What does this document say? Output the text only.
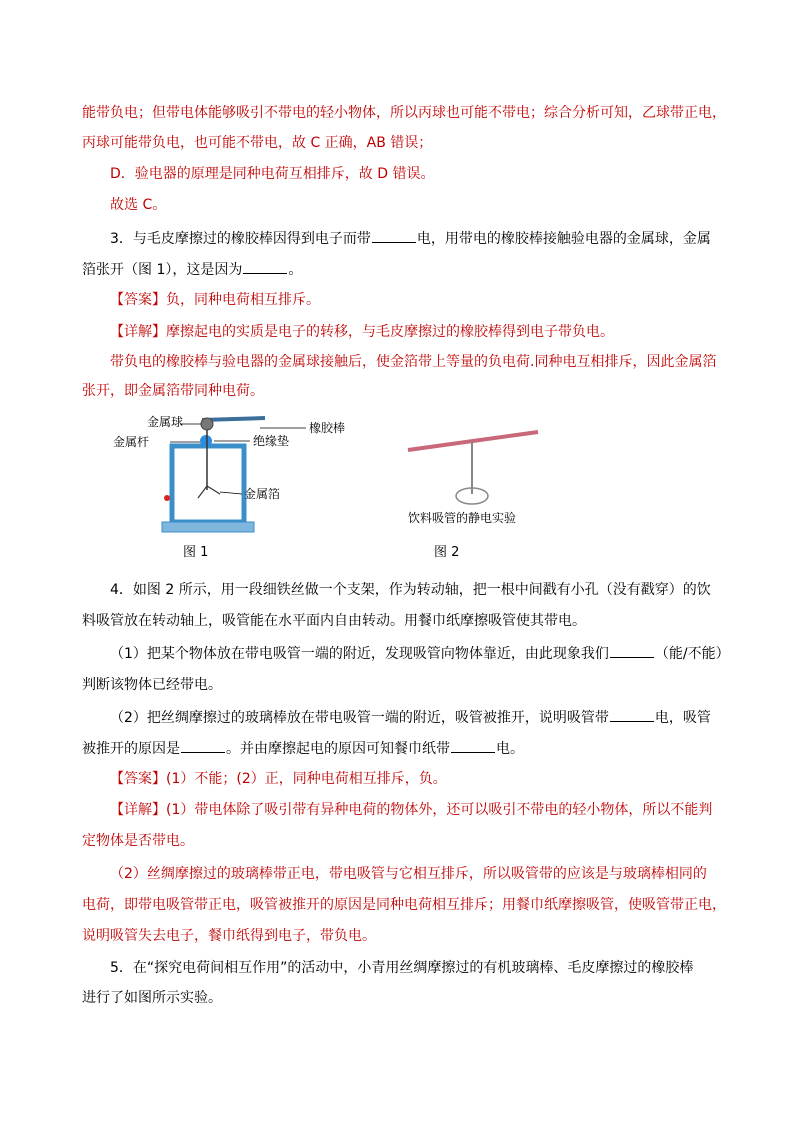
能带负电；但带电体能够吸引不带电的轻小物体，所以丙球也可能不带电；综合分析可知，乙球带正电，
丙球可能带负电，也可能不带电，故 C 正确，AB 错误；
D．验电器的原理是同种电荷互相排斥，故 D 错误。
故选 C。
3．与毛皮摩擦过的橡胶棒因得到电子而带	电，用带电的橡胶棒接触验电器的金属球，金属
箔张开（图 1），这是因为	。
【答案】负，同种电荷相互排斥。
【详解】摩擦起电的实质是电子的转移，与毛皮摩擦过的橡胶棒得到电子带负电。
带负电的橡胶棒与验电器的金属球接触后，使金箔带上等量的负电荷.同种电互相排斥，因此金属箔
张开，即金属箔带同种电荷。
金属球
金属杆
橡胶棒
绝缘垫
金属箔
图 1
饮料吸管的静电实验
图 2
4．如图 2 所示，用一段细铁丝做一个支架，作为转动轴，把一根中间戳有小孔（没有戳穿）的饮
料吸管放在转动轴上，吸管能在水平面内自由转动。用餐巾纸摩擦吸管使其带电。
（1）把某个物体放在带电吸管一端的附近，发现吸管向物体靠近，由此现象我们	（能/不能）
判断该物体已经带电。
（2）把丝绸摩擦过的玻璃棒放在带电吸管一端的附近，吸管被推开，说明吸管带	电，吸管
被推开的原因是	。并由摩擦起电的原因可知餐巾纸带	电。
【答案】(1）不能；(2）正，同种电荷相互排斥，负。
【详解】(1）带电体除了吸引带有异种电荷的物体外，还可以吸引不带电的轻小物体，所以不能判
定物体是否带电。
（2）丝绸摩擦过的玻璃棒带正电，带电吸管与它相互排斥，所以吸管带的应该是与玻璃棒相同的
电荷，即带电吸管带正电，吸管被推开的原因是同种电荷相互排斥；用餐巾纸摩擦吸管，使吸管带正电，
说明吸管失去电子，餐巾纸得到电子，带负电。
5．在“探究电荷间相互作用”的活动中，小青用丝绸摩擦过的有机玻璃棒、毛皮摩擦过的橡胶棒
进行了如图所示实验。
